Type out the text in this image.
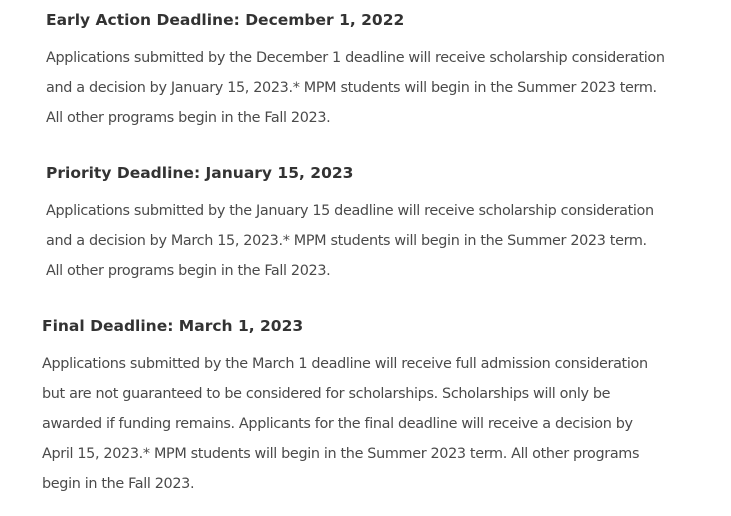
Early Action Deadline: December 1, 2022

Applications submitted by the December 1 deadline will receive scholarship consideration
and a decision by January 15, 2023.* MPM students will begin in the Summer 2023 term.
All other programs begin in the Fall 2023.

Priority Deadline: January 15, 2023

Applications submitted by the January 15 deadline will receive scholarship consideration
and a decision by March 15, 2023.* MPM students will begin in the Summer 2023 term.
All other programs begin in the Fall 2023.

Final Deadline: March 1, 2023

Applications submitted by the March 1 deadline will receive full admission consideration
but are not guaranteed to be considered for scholarships. Scholarships will only be
awarded if funding remains. Applicants for the final deadline will receive a decision by
April 15, 2023.* MPM students will begin in the Summer 2023 term. All other programs
begin in the Fall 2023.
